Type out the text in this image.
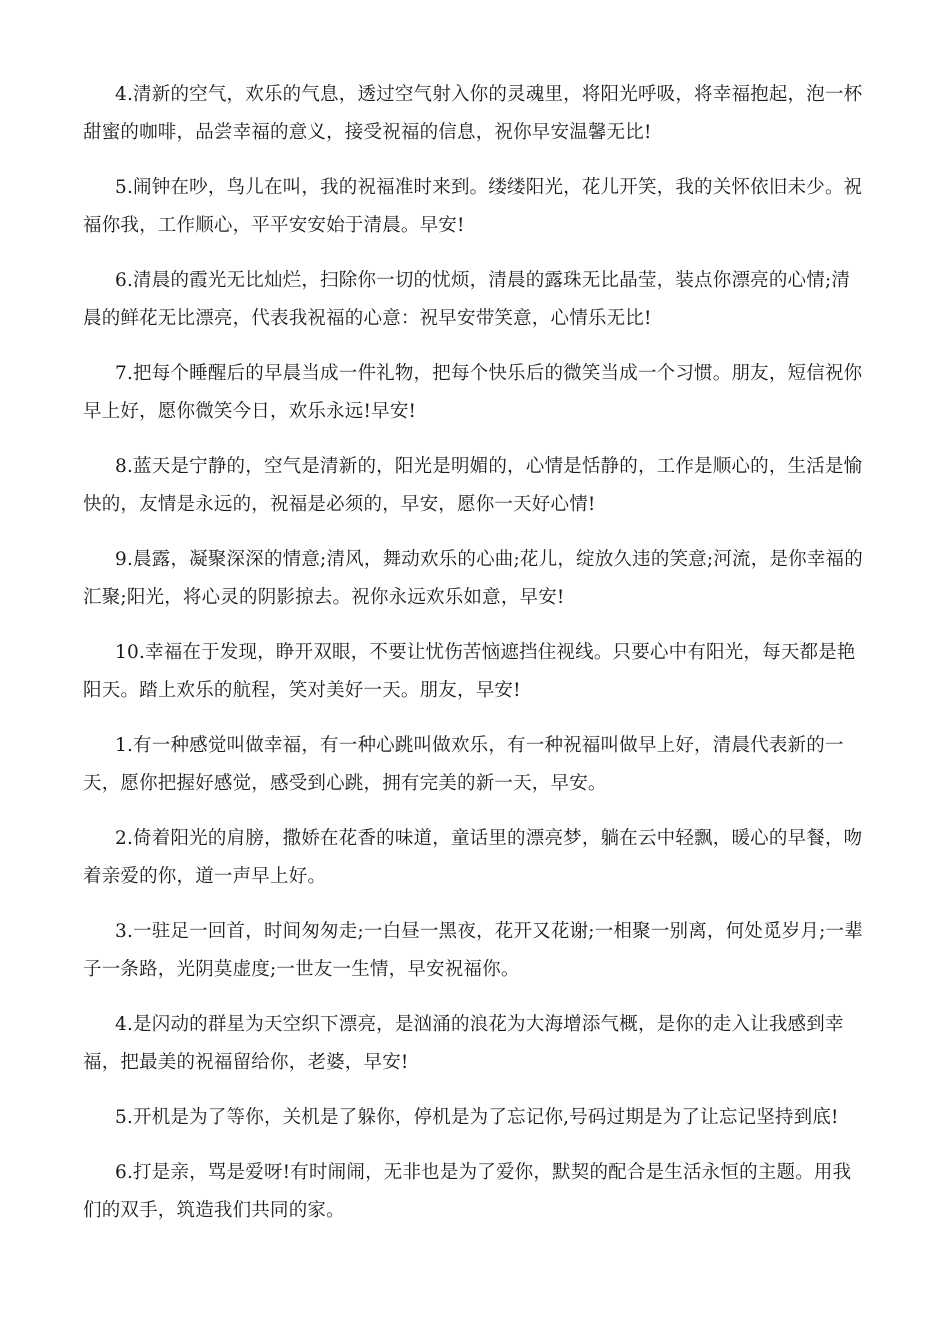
4.清新的空气，欢乐的气息，透过空气射入你的灵魂里，将阳光呼吸，将幸福抱起，泡一杯甜蜜的咖啡，品尝幸福的意义，接受祝福的信息，祝你早安温馨无比!

5.闹钟在吵，鸟儿在叫，我的祝福准时来到。缕缕阳光，花儿开笑，我的关怀依旧未少。祝福你我，工作顺心，平平安安始于清晨。早安!

6.清晨的霞光无比灿烂，扫除你一切的忧烦，清晨的露珠无比晶莹，装点你漂亮的心情;清晨的鲜花无比漂亮，代表我祝福的心意：祝早安带笑意，心情乐无比!

7.把每个睡醒后的早晨当成一件礼物，把每个快乐后的微笑当成一个习惯。朋友，短信祝你早上好，愿你微笑今日，欢乐永远!早安!

8.蓝天是宁静的，空气是清新的，阳光是明媚的，心情是恬静的，工作是顺心的，生活是愉快的，友情是永远的，祝福是必须的，早安，愿你一天好心情!

9.晨露，凝聚深深的情意;清风，舞动欢乐的心曲;花儿，绽放久违的笑意;河流，是你幸福的汇聚;阳光，将心灵的阴影掠去。祝你永远欢乐如意，早安!

10.幸福在于发现，睁开双眼，不要让忧伤苦恼遮挡住视线。只要心中有阳光，每天都是艳阳天。踏上欢乐的航程，笑对美好一天。朋友，早安!

1.有一种感觉叫做幸福，有一种心跳叫做欢乐，有一种祝福叫做早上好，清晨代表新的一天，愿你把握好感觉，感受到心跳，拥有完美的新一天，早安。

2.倚着阳光的肩膀，撒娇在花香的味道，童话里的漂亮梦，躺在云中轻飘，暖心的早餐，吻着亲爱的你，道一声早上好。

3.一驻足一回首，时间匆匆走;一白昼一黑夜，花开又花谢;一相聚一别离，何处觅岁月;一辈子一条路，光阴莫虚度;一世友一生情，早安祝福你。

4.是闪动的群星为天空织下漂亮，是汹涌的浪花为大海增添气概，是你的走入让我感到幸福，把最美的祝福留给你，老婆，早安!

5.开机是为了等你，关机是了躲你，停机是为了忘记你,号码过期是为了让忘记坚持到底!

6.打是亲，骂是爱呀!有时闹闹，无非也是为了爱你，默契的配合是生活永恒的主题。用我们的双手，筑造我们共同的家。
